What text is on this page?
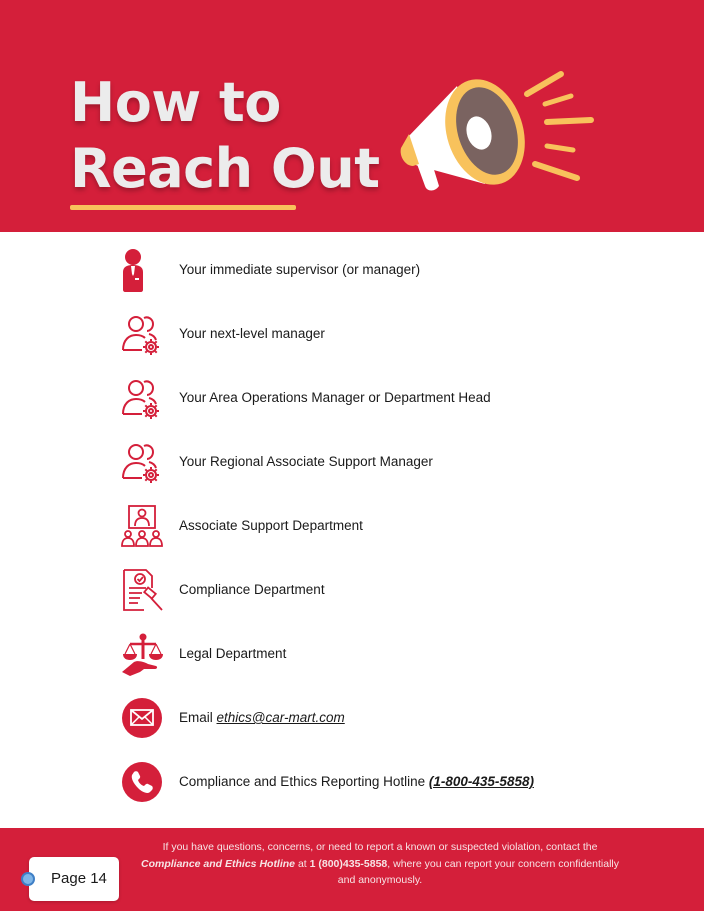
How to
Reach Out
Your immediate supervisor (or manager)
Your next-level manager
Your Area Operations Manager or Department Head
Your Regional Associate Support Manager
Associate Support Department
Compliance Department
Legal Department
Email ethics@car-mart.com
Compliance and Ethics Reporting Hotline (1-800-435-5858)
If you have questions, concerns, or need to report a known or suspected violation, contact the Compliance and Ethics Hotline at 1 (800)435-5858, where you can report your concern confidentially and anonymously.
Page 14
